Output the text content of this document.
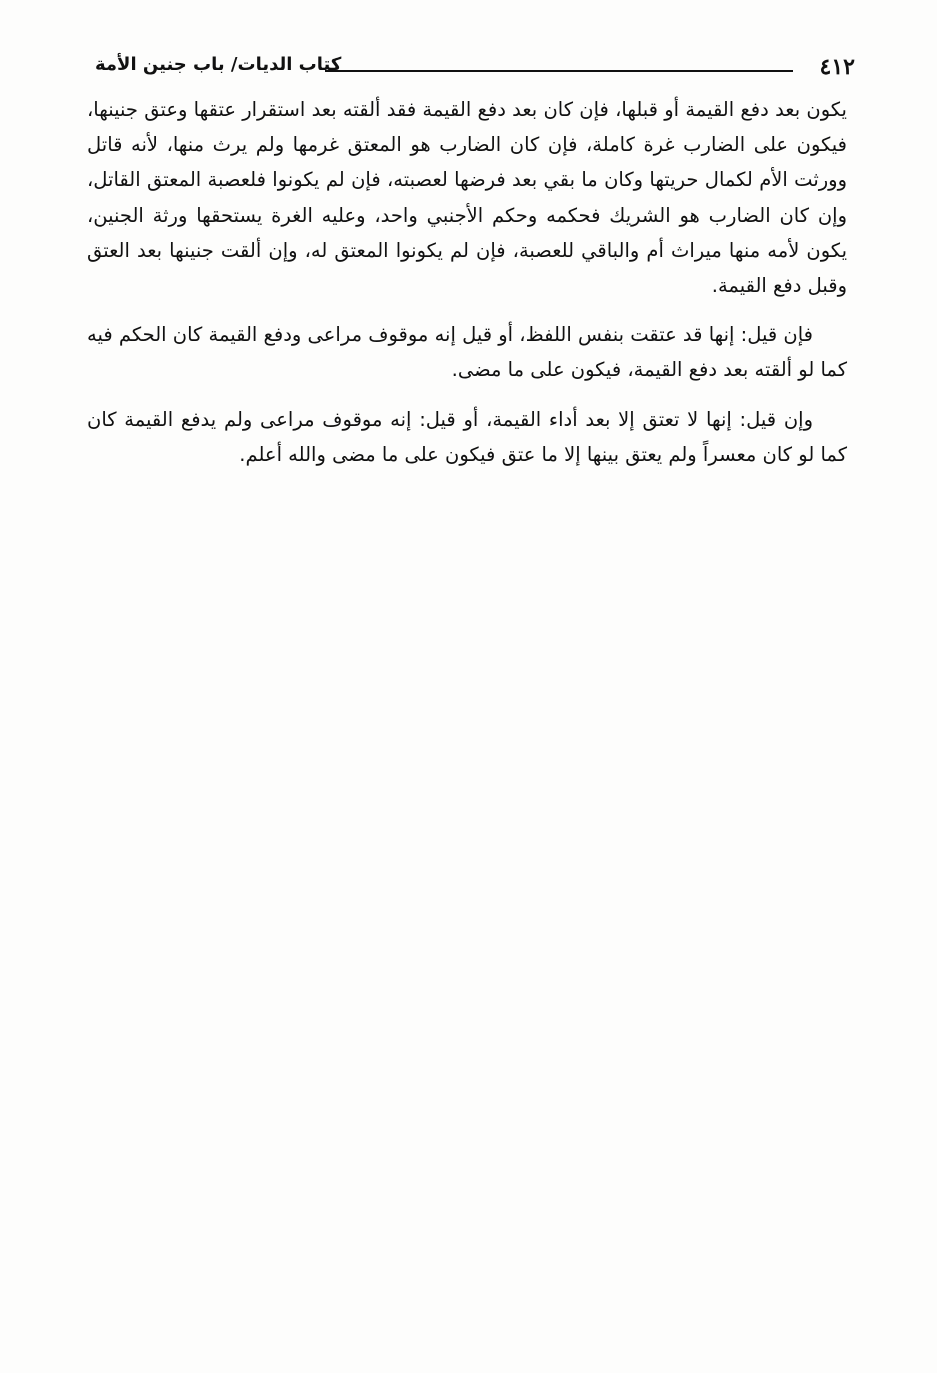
٤١٢
كتاب الديات/ باب جنين الأمة

يكون بعد دفع القيمة أو قبلها، فإن كان بعد دفع القيمة فقد ألقته بعد استقرار عتقها وعتق جنينها، فيكون على الضارب غرة كاملة، فإن كان الضارب هو المعتق غرمها ولم يرث منها، لأنه قاتل وورثت الأم لكمال حريتها وكان ما بقي بعد فرضها لعصبته، فإن لم يكونوا فلعصبة المعتق القاتل، وإن كان الضارب هو الشريك فحكمه وحكم الأجنبي واحد، وعليه الغرة يستحقها ورثة الجنين، يكون لأمه منها ميراث أم والباقي للعصبة، فإن لم يكونوا المعتق له، وإن ألقت جنينها بعد العتق وقبل دفع القيمة.

فإن قيل: إنها قد عتقت بنفس اللفظ، أو قيل إنه موقوف مراعى ودفع القيمة كان الحكم فيه كما لو ألقته بعد دفع القيمة، فيكون على ما مضى.

وإن قيل: إنها لا تعتق إلا بعد أداء القيمة، أو قيل: إنه موقوف مراعى ولم يدفع القيمة كان كما لو كان معسراً ولم يعتق بينها إلا ما عتق فيكون على ما مضى والله أعلم.
